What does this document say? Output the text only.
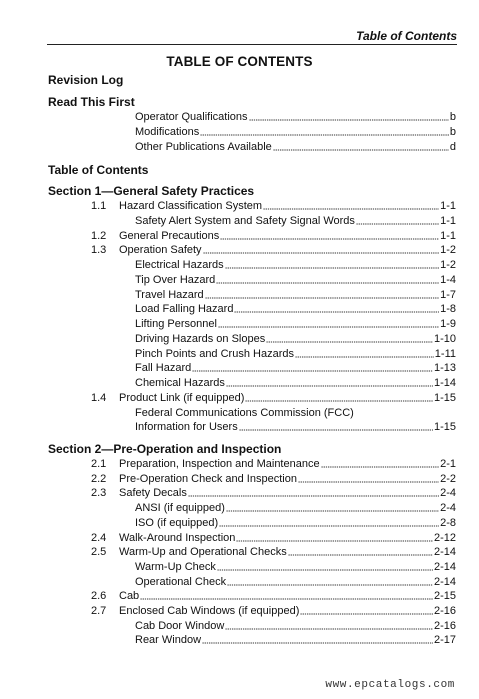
Table of Contents
TABLE OF CONTENTS
Revision Log
Read This First
Operator Qualifications	b
Modifications	b
Other Publications Available	d
Table of Contents
Section 1—General Safety Practices
1.1 Hazard Classification System	1-1
Safety Alert System and Safety Signal Words	1-1
1.2 General Precautions	1-1
1.3 Operation Safety	1-2
Electrical Hazards	1-2
Tip Over Hazard	1-4
Travel Hazard	1-7
Load Falling Hazard	1-8
Lifting Personnel	1-9
Driving Hazards on Slopes	1-10
Pinch Points and Crush Hazards	1-11
Fall Hazard	1-13
Chemical Hazards	1-14
1.4 Product Link (if equipped)	1-15
Federal Communications Commission (FCC)
Information for Users	1-15
Section 2—Pre-Operation and Inspection
2.1 Preparation, Inspection and Maintenance	2-1
2.2 Pre-Operation Check and Inspection	2-2
2.3 Safety Decals	2-4
ANSI (if equipped)	2-4
ISO (if equipped)	2-8
2.4 Walk-Around Inspection	2-12
2.5 Warm-Up and Operational Checks	2-14
Warm-Up Check	2-14
Operational Check	2-14
2.6 Cab	2-15
2.7 Enclosed Cab Windows (if equipped)	2-16
Cab Door Window	2-16
Rear Window	2-17
www.epcatalogs.com
